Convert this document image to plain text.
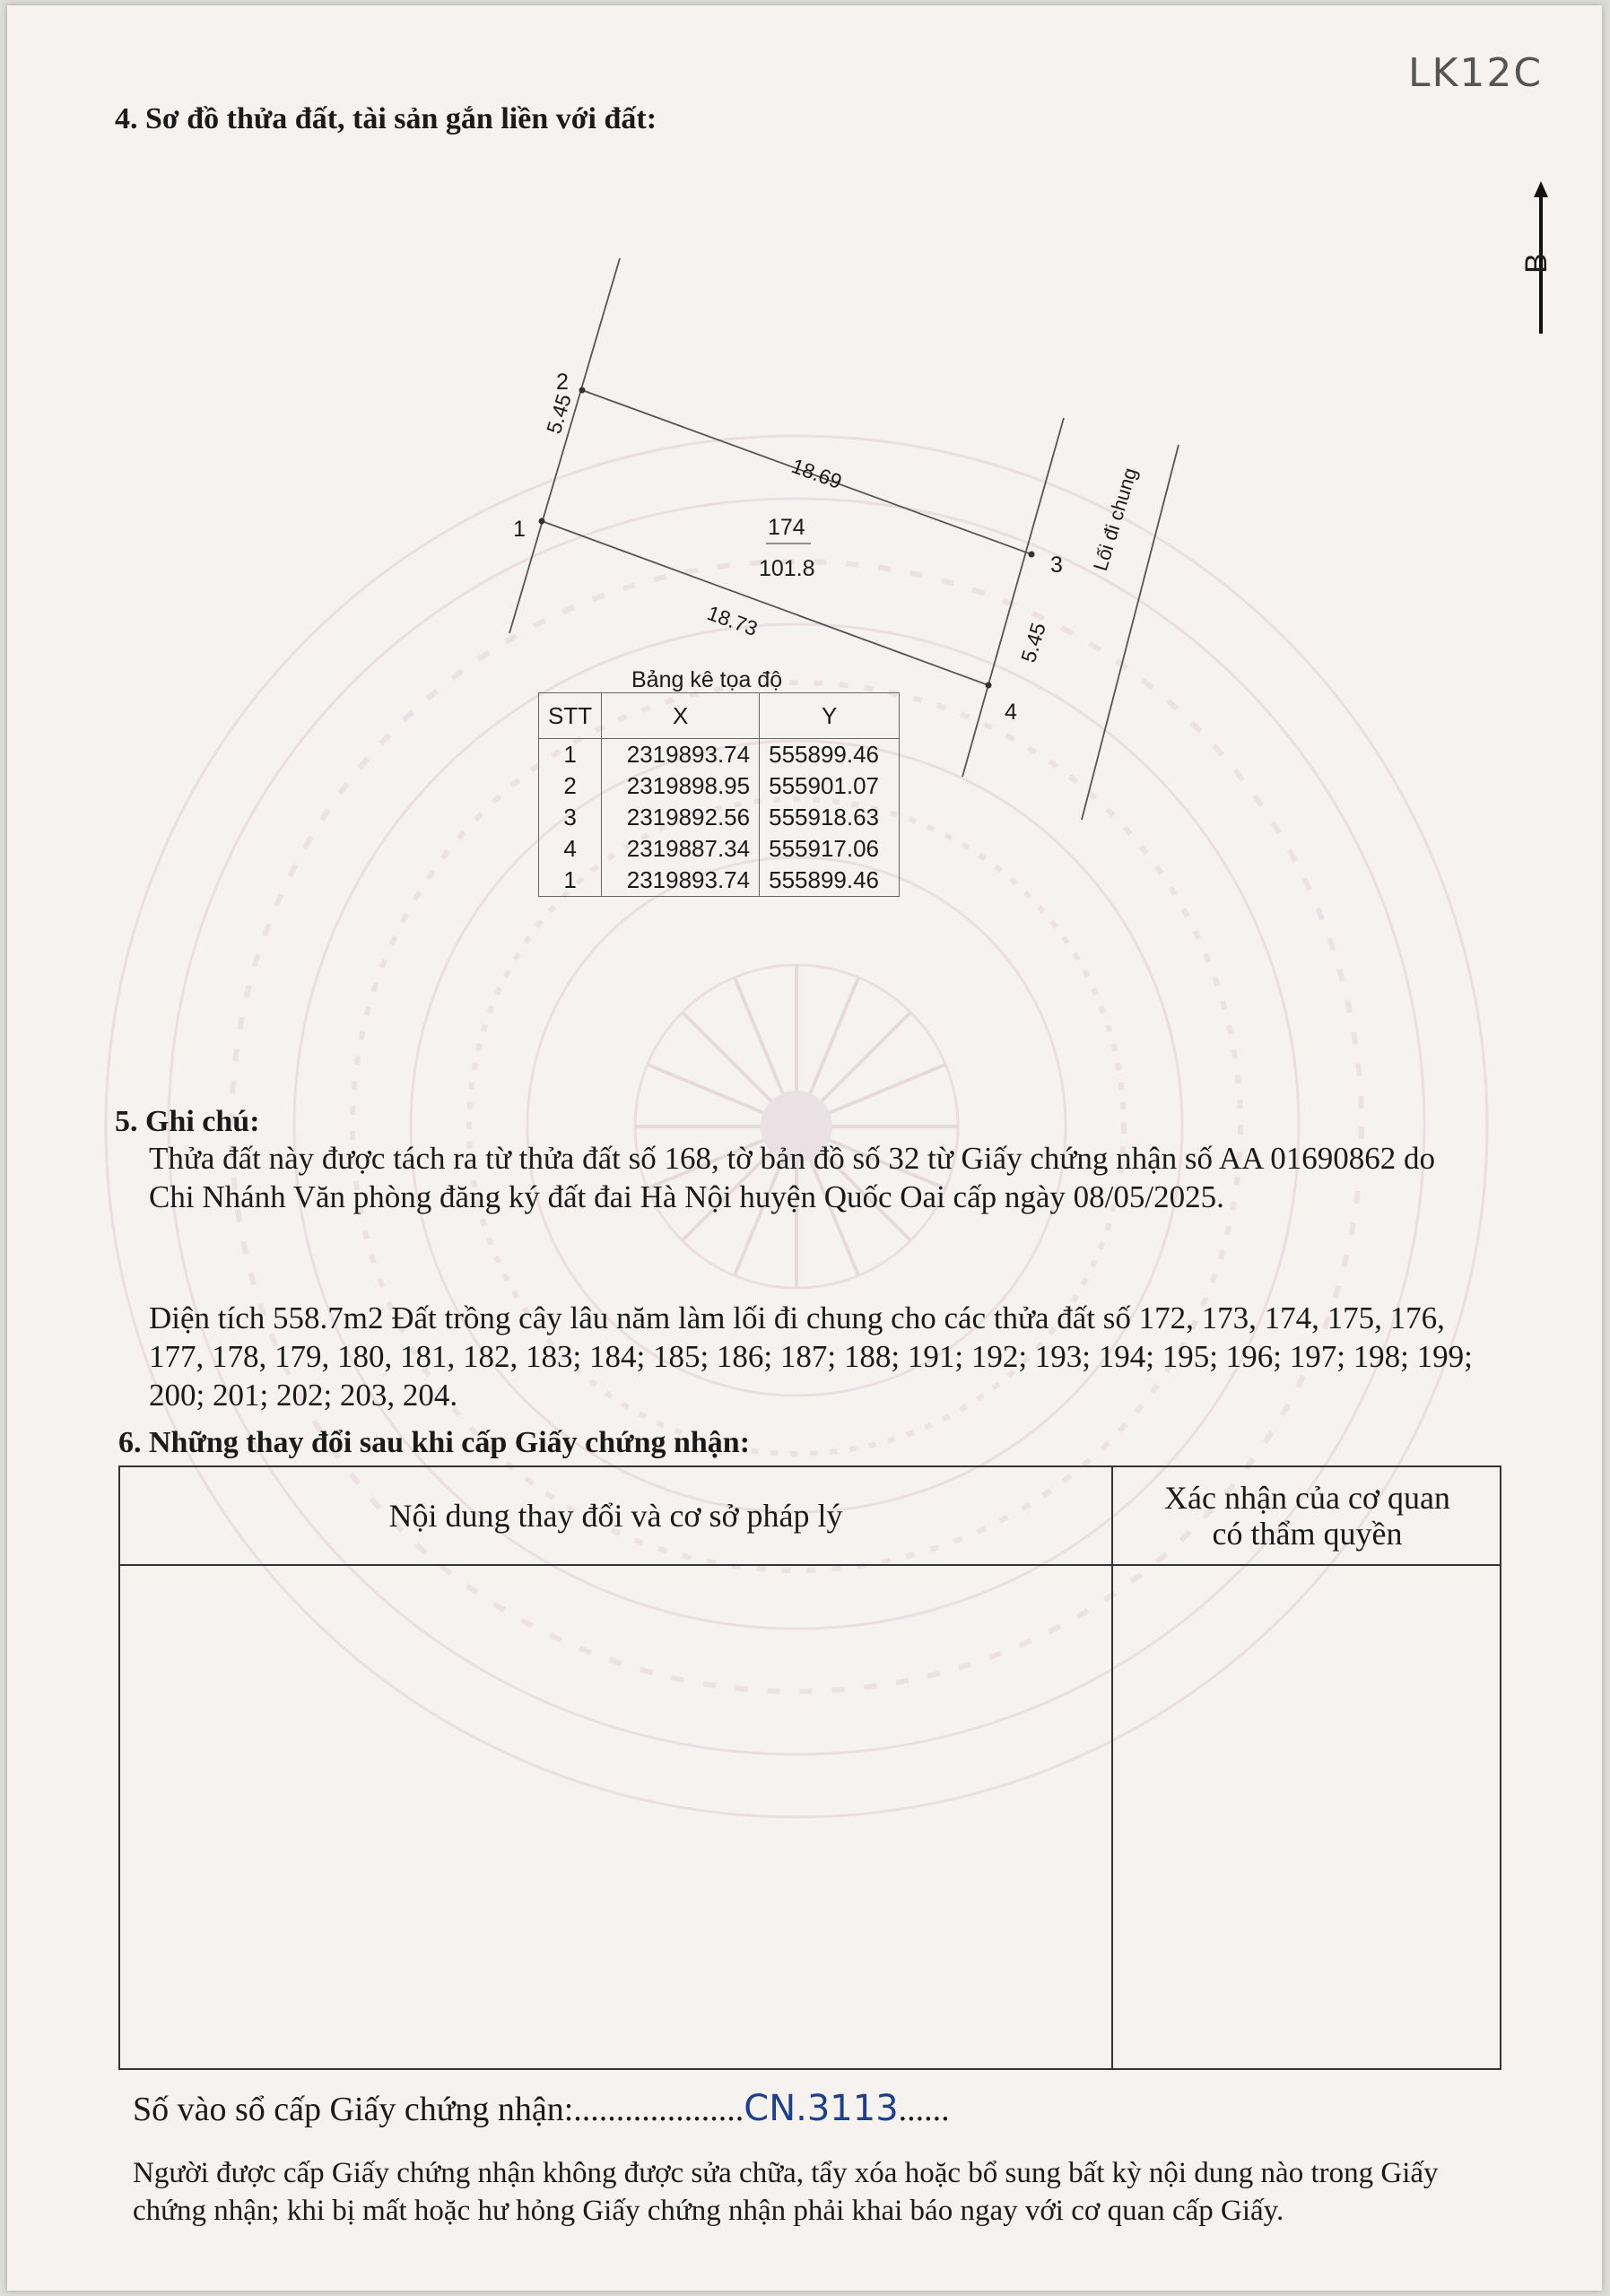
LK12C
4. Sơ đồ thửa đất, tài sản gắn liền với đất:
B
1
2
3
4
5.45
18.69
5.45
18.73
174
101.8	Lối đi chung
Bảng kê tọa độ
STT	X	Y
1	2319893.74	555899.46
2	2319898.95	555901.07
3	2319892.56	555918.63
4	2319887.34	555917.06
1	2319893.74	555899.46
5. Ghi chú:
Thửa đất này được tách ra từ thửa đất số 168, tờ bản đồ số 32 từ Giấy chứng nhận số AA 01690862 do Chi Nhánh Văn phòng đăng ký đất đai Hà Nội huyện Quốc Oai cấp ngày 08/05/2025.
Diện tích 558.7m2 Đất trồng cây lâu năm làm lối đi chung cho các thửa đất số 172, 173, 174, 175, 176, 177, 178, 179, 180, 181, 182, 183; 184; 185; 186; 187; 188; 191; 192; 193; 194; 195; 196; 197; 198; 199; 200; 201; 202; 203, 204.
6. Những thay đổi sau khi cấp Giấy chứng nhận:
Nội dung thay đổi và cơ sở pháp lý	Xác nhận của cơ quan
có thẩm quyền
Số vào sổ cấp Giấy chứng nhận:....................CN.3113......
Người được cấp Giấy chứng nhận không được sửa chữa, tẩy xóa hoặc bổ sung bất kỳ nội dung nào trong Giấy chứng nhận; khi bị mất hoặc hư hỏng Giấy chứng nhận phải khai báo ngay với cơ quan cấp Giấy.
